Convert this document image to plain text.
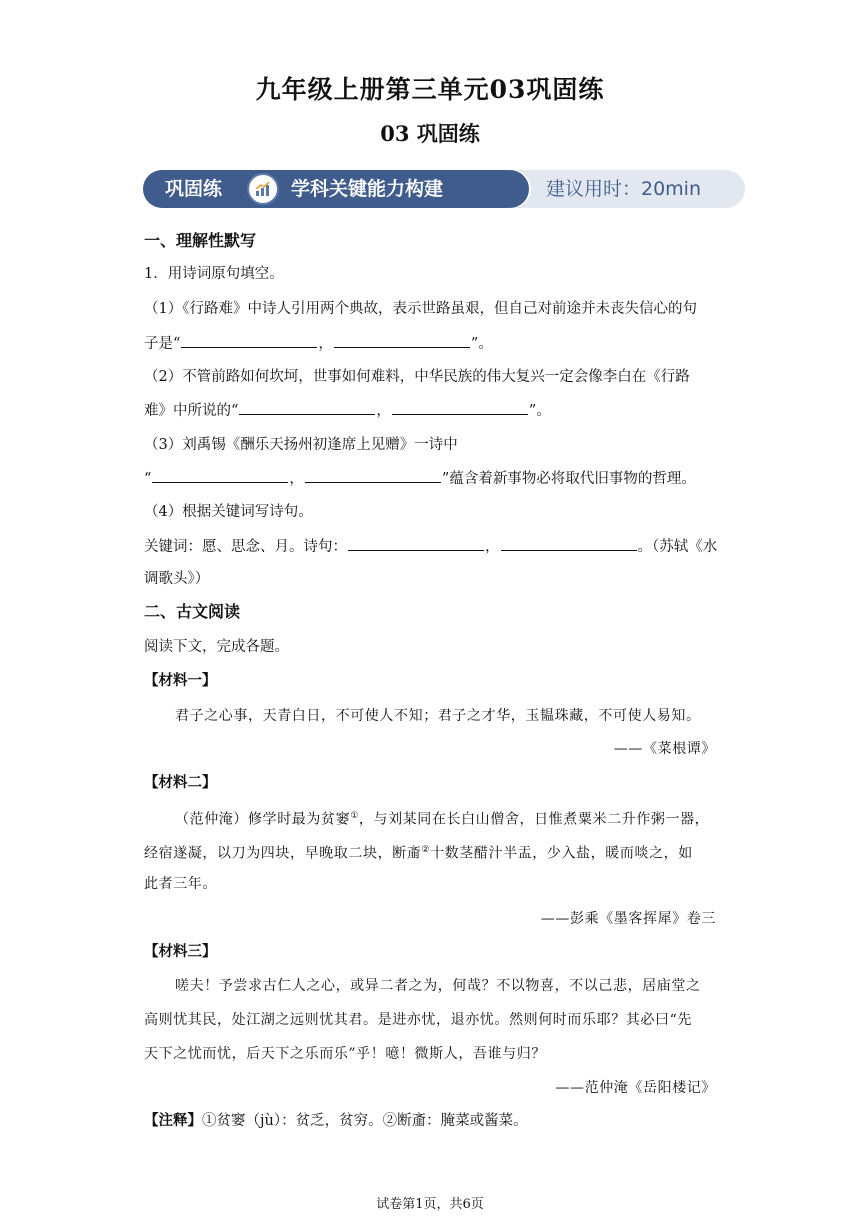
九年级上册第三单元03巩固练
03 巩固练
巩固练	学科关键能力构建	建议用时：20min
一、理解性默写
1．用诗词原句填空。
（1）《行路难》中诗人引用两个典故，表示世路虽艰，但自己对前途并未丧失信心的句
子是“	，	”。
（2）不管前路如何坎坷，世事如何难料，中华民族的伟大复兴一定会像李白在《行路
难》中所说的“	，	”。
（3）刘禹锡《酬乐天扬州初逢席上见赠》一诗中
“	，	”蕴含着新事物必将取代旧事物的哲理。
（4）根据关键词写诗句。
关键词：愿、思念、月。诗句：	，	。（苏轼《水
调歌头》）
二、古文阅读
阅读下文，完成各题。
【材料一】
君子之心事，天青白日，不可使人不知；君子之才华，玉韫珠藏，不可使人易知。
——《菜根谭》
【材料二】
（范仲淹）修学时最为贫窭①，与刘某同在长白山僧舍，日惟煮粟米二升作粥一器，
经宿遂凝，以刀为四块，早晚取二块，断齑②十数茎醋汁半盂，少入盐，暖而啖之，如
此者三年。
——彭乘《墨客挥犀》卷三
【材料三】
嗟夫！予尝求古仁人之心，或异二者之为，何哉？不以物喜，不以己悲，居庙堂之
高则忧其民，处江湖之远则忧其君。是进亦忧，退亦忧。然则何时而乐耶？其必曰“先
天下之忧而忧，后天下之乐而乐”乎！噫！微斯人，吾谁与归？
——范仲淹《岳阳楼记》
【注释】①贫窭（jù）：贫乏，贫穷。②断齑：腌菜或酱菜。
试卷第1页，共6页
